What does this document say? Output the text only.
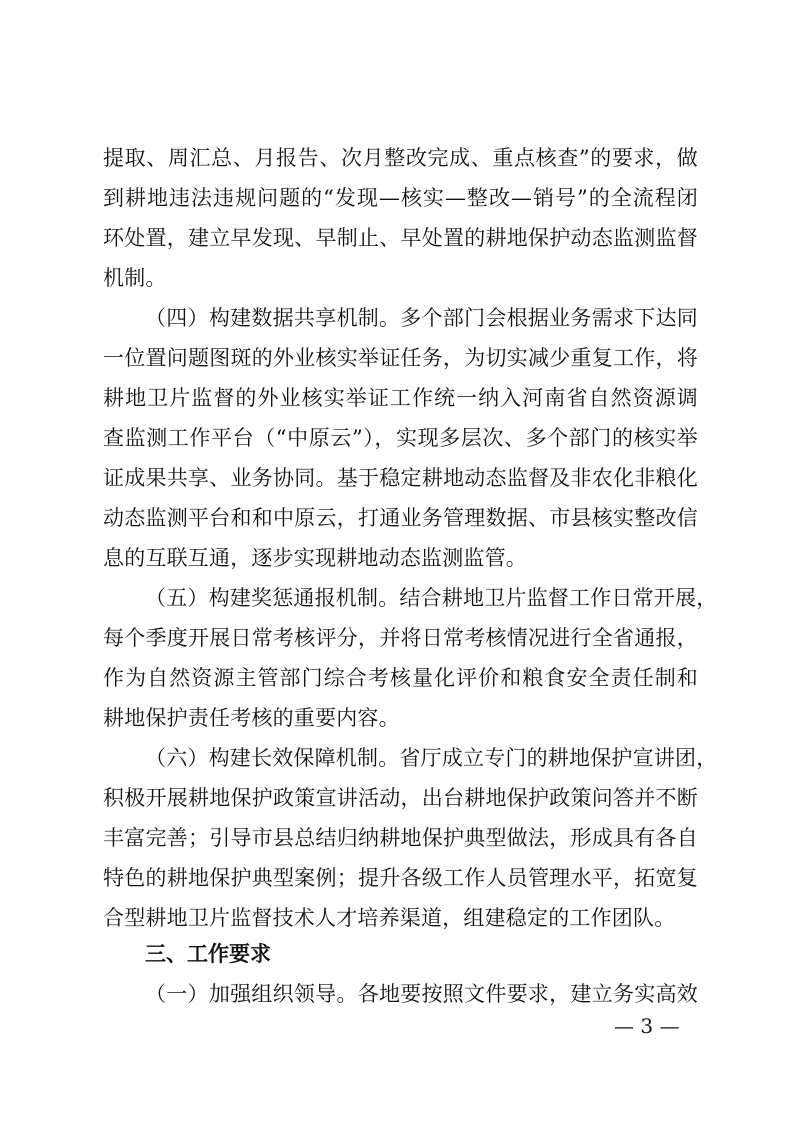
提取、周汇总、月报告、次月整改完成、重点核查”的要求，做
到耕地违法违规问题的“发现—核实—整改—销号”的全流程闭
环处置，建立早发现、早制止、早处置的耕地保护动态监测监督
机制。
（四）构建数据共享机制。多个部门会根据业务需求下达同
一位置问题图斑的外业核实举证任务，为切实减少重复工作，将
耕地卫片监督的外业核实举证工作统一纳入河南省自然资源调
查监测工作平台（“中原云”），实现多层次、多个部门的核实举
证成果共享、业务协同。基于稳定耕地动态监督及非农化非粮化
动态监测平台和和中原云，打通业务管理数据、市县核实整改信
息的互联互通，逐步实现耕地动态监测监管。
（五）构建奖惩通报机制。结合耕地卫片监督工作日常开展，
每个季度开展日常考核评分，并将日常考核情况进行全省通报，
作为自然资源主管部门综合考核量化评价和粮食安全责任制和
耕地保护责任考核的重要内容。
（六）构建长效保障机制。省厅成立专门的耕地保护宣讲团，
积极开展耕地保护政策宣讲活动，出台耕地保护政策问答并不断
丰富完善；引导市县总结归纳耕地保护典型做法，形成具有各自
特色的耕地保护典型案例；提升各级工作人员管理水平，拓宽复
合型耕地卫片监督技术人才培养渠道，组建稳定的工作团队。
三、工作要求
（一）加强组织领导。各地要按照文件要求，建立务实高效
— 3 —
